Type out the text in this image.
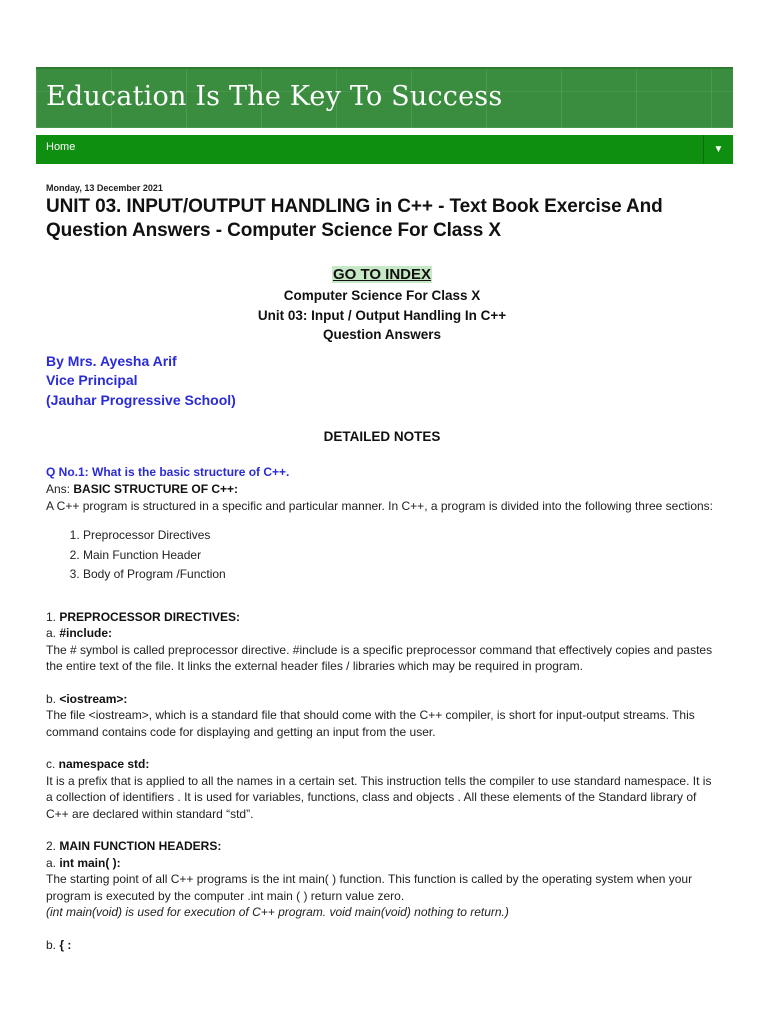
Education Is The Key To Success
Home	▼
Monday, 13 December 2021
UNIT 03. INPUT/OUTPUT HANDLING in C++ - Text Book Exercise And Question Answers - Computer Science For Class X
GO TO INDEX
Computer Science For Class X
Unit 03: Input / Output Handling In C++
Question Answers
By Mrs. Ayesha Arif
Vice Principal
(Jauhar Progressive School)
DETAILED NOTES
Q No.1: What is the basic structure of C++.

Ans: BASIC STRUCTURE OF C++:

A C++ program is structured in a specific and particular manner. In C++, a program is divided into the following three sections:

1. Preprocessor Directives
2. Main Function Header
3. Body of Program /Function

1. PREPROCESSOR DIRECTIVES:

a. #include:

The # symbol is called preprocessor directive. #include is a specific preprocessor command that effectively copies and pastes the entire text of the file. It links the external header files / libraries which may be required in program.

b. <iostream>:

The file <iostream>, which is a standard file that should come with the C++ compiler, is short for input-output streams. This command contains code for displaying and getting an input from the user.

c. namespace std:

It is a prefix that is applied to all the names in a certain set. This instruction tells the compiler to use standard namespace. It is a collection of identifiers . It is used for variables, functions, class and objects . All these elements of the Standard library of C++ are declared within standard “std”.

2. MAIN FUNCTION HEADERS:

a. int main( ):

The starting point of all C++ programs is the int main( ) function. This function is called by the operating system when your program is executed by the computer .int main ( ) return value zero.

(int main(void) is used for execution of C++ program. void main(void) nothing to return.)

b. { :
